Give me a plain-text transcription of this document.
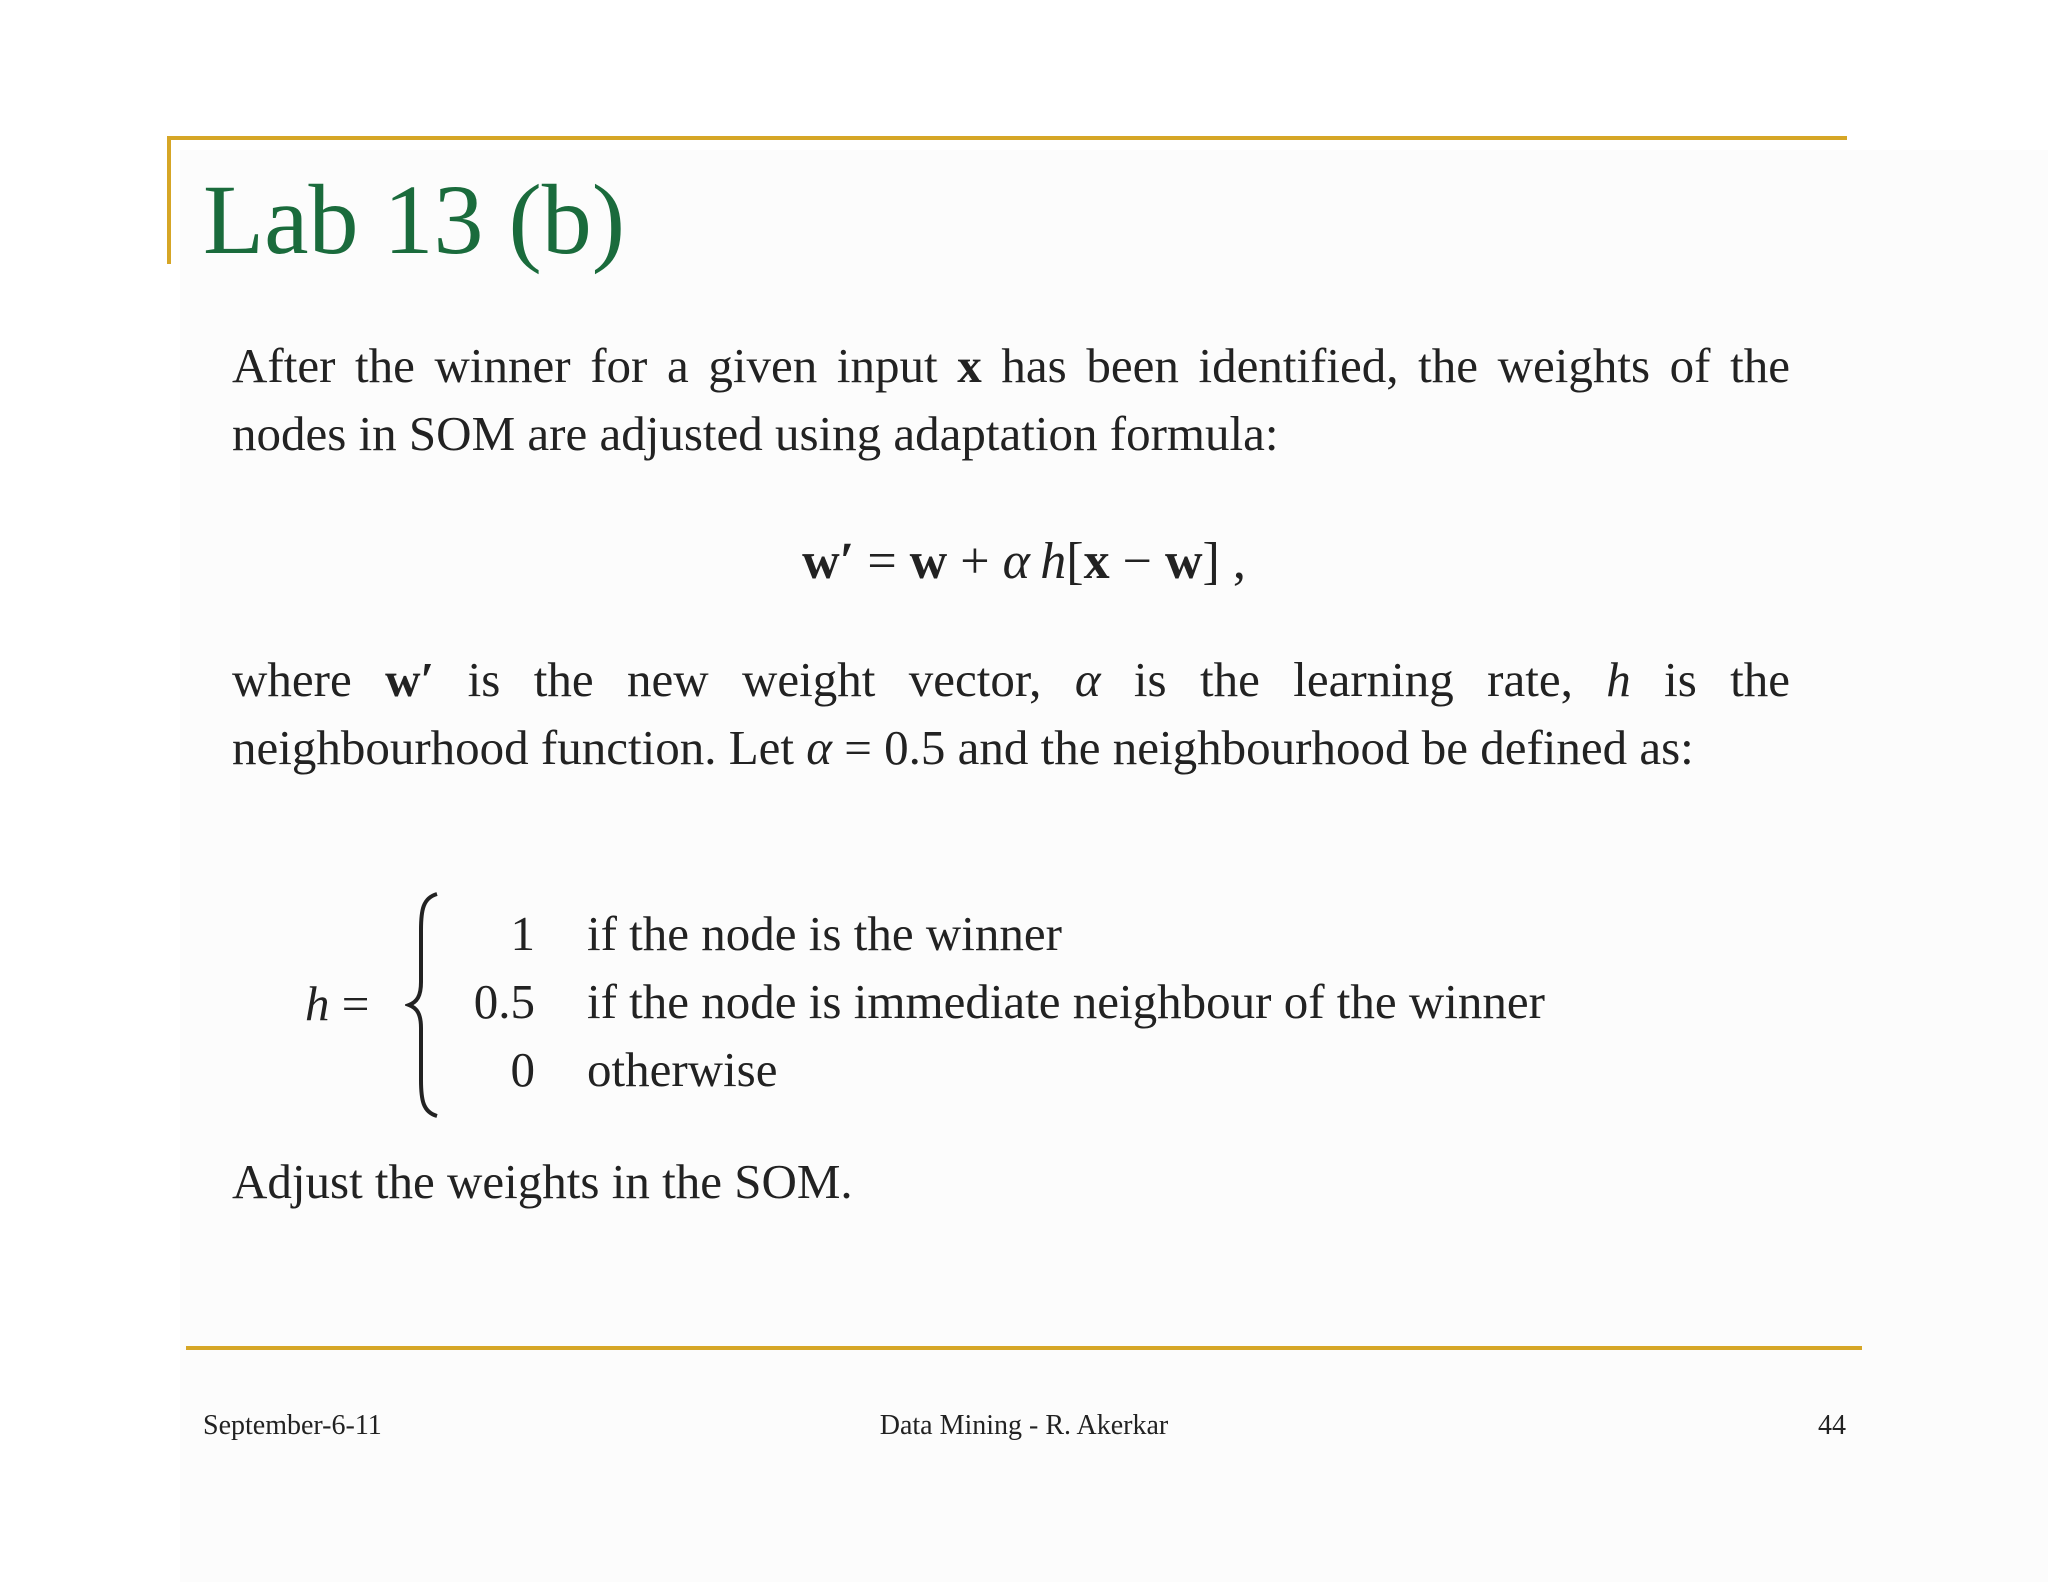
Lab 13 (b)

After the winner for a given input x has been identified, the weights of the nodes in SOM are adjusted using adaptation formula:

w′ = w + α  h[x − w] ,

where w′ is the new weight vector, α is the learning rate, h is the neighbourhood function. Let α = 0.5 and the neighbourhood be defined as:

h =
1 if the node is the winner
0.5 if the node is immediate neighbour of the winner
0 otherwise

Adjust the weights in the SOM.

September-6-11	Data Mining - R. Akerkar	44
